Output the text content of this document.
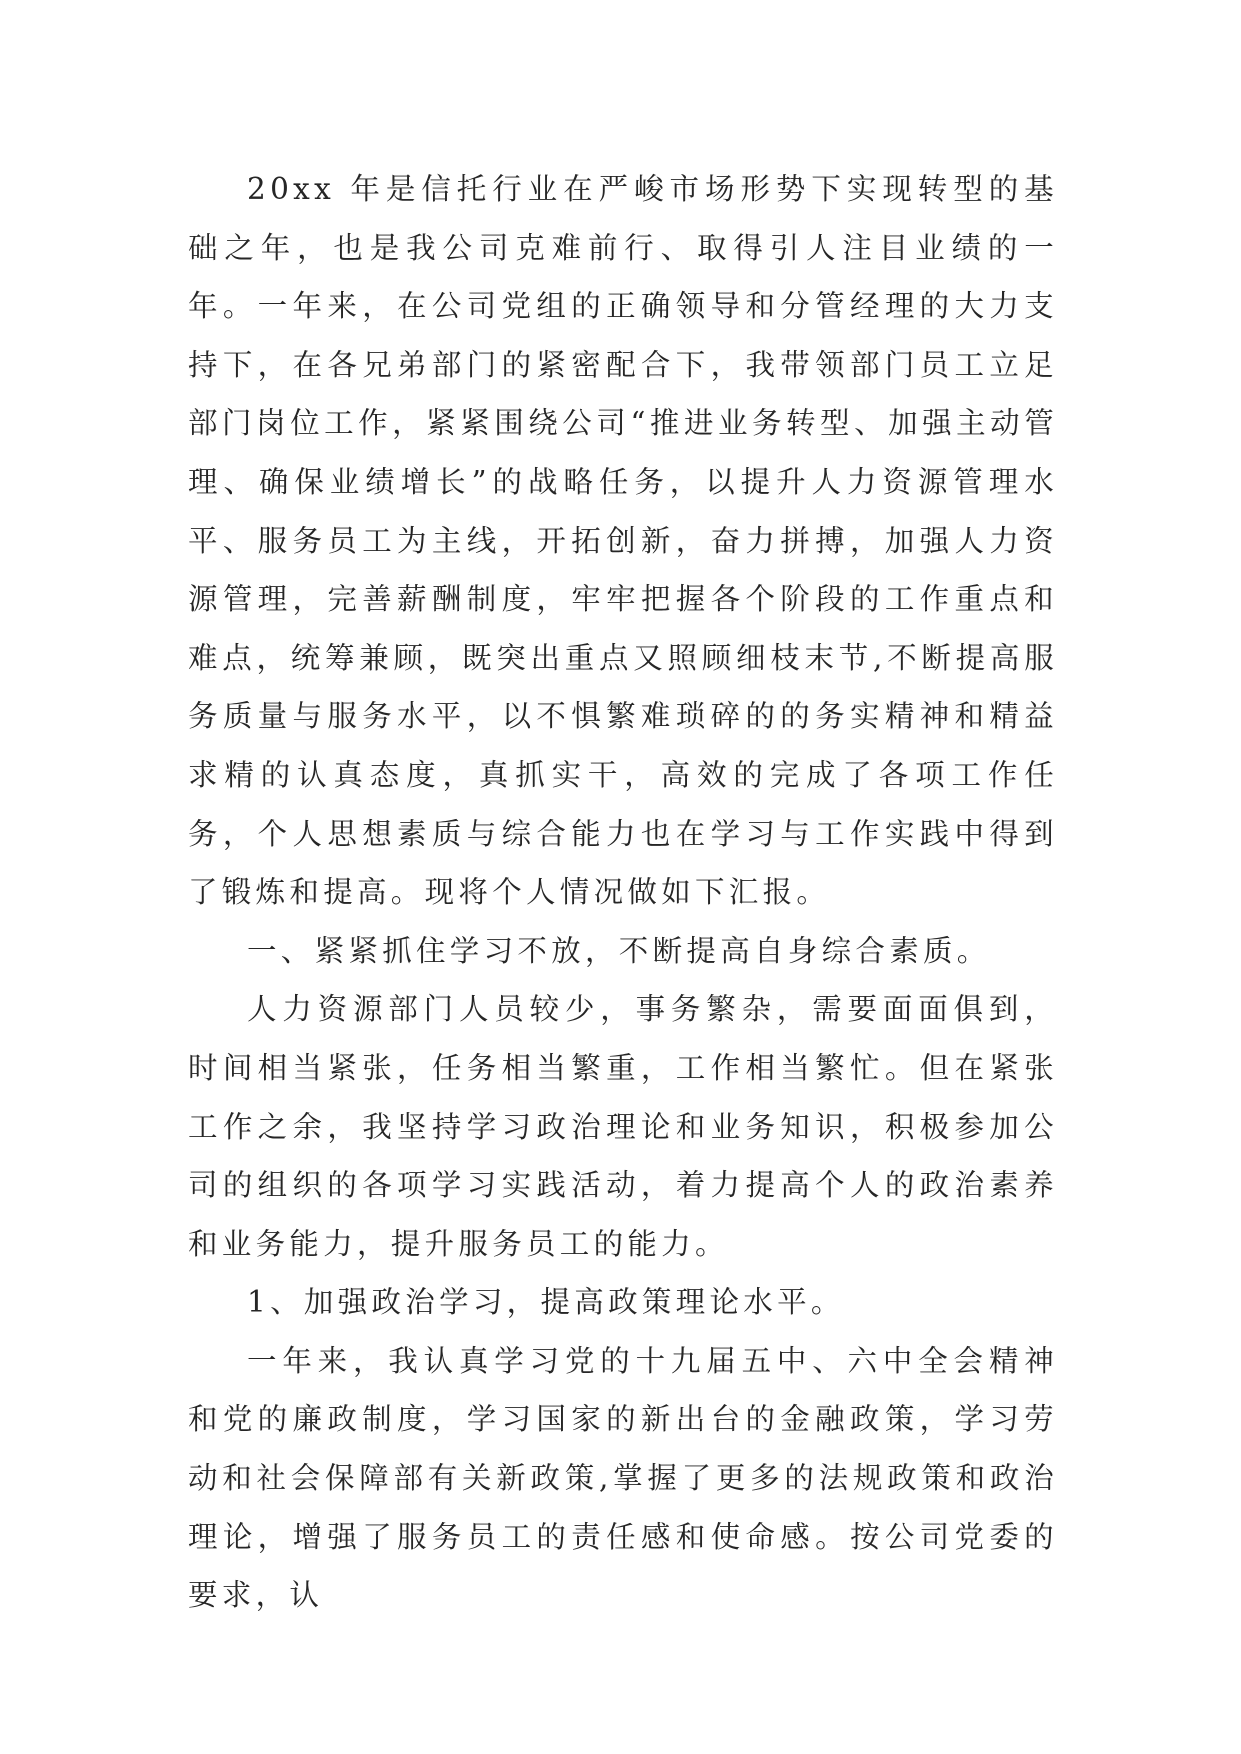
20xx 年是信托行业在严峻市场形势下实现转型的基础之年，也是我公司克难前行、取得引人注目业绩的一年。一年来，在公司党组的正确领导和分管经理的大力支持下，在各兄弟部门的紧密配合下，我带领部门员工立足部门岗位工作，紧紧围绕公司“推进业务转型、加强主动管理、确保业绩增长”的战略任务，以提升人力资源管理水平、服务员工为主线，开拓创新，奋力拼搏，加强人力资源管理，完善薪酬制度，牢牢把握各个阶段的工作重点和难点，统筹兼顾，既突出重点又照顾细枝末节,不断提高服务质量与服务水平，以不惧繁难琐碎的的务实精神和精益求精的认真态度，真抓实干，高效的完成了各项工作任务，个人思想素质与综合能力也在学习与工作实践中得到了锻炼和提高。现将个人情况做如下汇报。

一、紧紧抓住学习不放，不断提高自身综合素质。

人力资源部门人员较少，事务繁杂，需要面面俱到，时间相当紧张，任务相当繁重，工作相当繁忙。但在紧张工作之余，我坚持学习政治理论和业务知识，积极参加公司的组织的各项学习实践活动，着力提高个人的政治素养和业务能力，提升服务员工的能力。

1、加强政治学习，提高政策理论水平。

一年来，我认真学习党的十九届五中、六中全会精神和党的廉政制度，学习国家的新出台的金融政策，学习劳动和社会保障部有关新政策,掌握了更多的法规政策和政治理论，增强了服务员工的责任感和使命感。按公司党委的要求，认
